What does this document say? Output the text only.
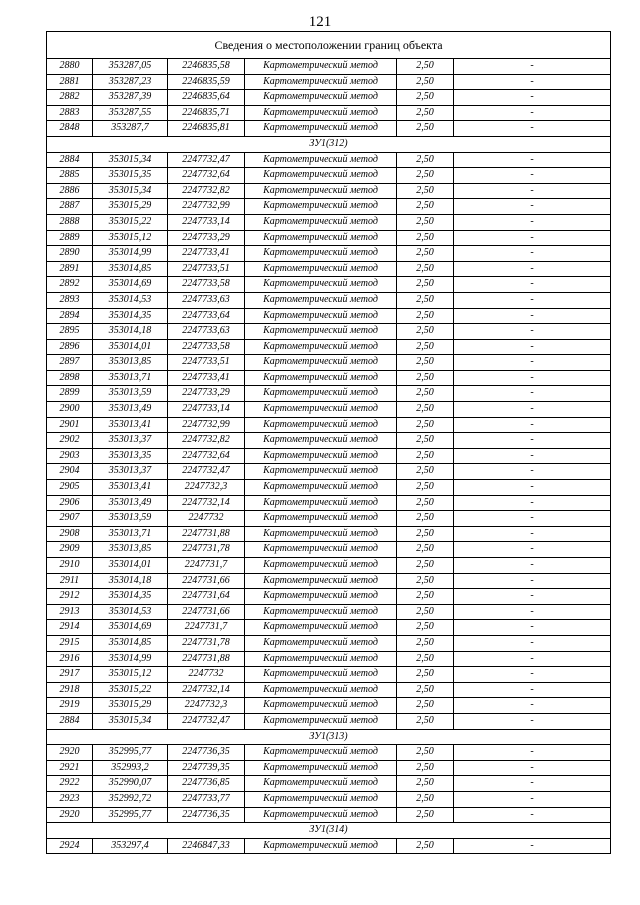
121
Сведения о местоположении границ объекта					
2880	353287,05	2246835,58	Картометрический метод	2,50	-
2881	353287,23	2246835,59	Картометрический метод	2,50	-
2882	353287,39	2246835,64	Картометрический метод	2,50	-
2883	353287,55	2246835,71	Картометрический метод	2,50	-
2848	353287,7	2246835,81	Картометрический метод	2,50	-
ЗУ1(312)					
2884	353015,34	2247732,47	Картометрический метод	2,50	-
2885	353015,35	2247732,64	Картометрический метод	2,50	-
2886	353015,34	2247732,82	Картометрический метод	2,50	-
2887	353015,29	2247732,99	Картометрический метод	2,50	-
2888	353015,22	2247733,14	Картометрический метод	2,50	-
2889	353015,12	2247733,29	Картометрический метод	2,50	-
2890	353014,99	2247733,41	Картометрический метод	2,50	-
2891	353014,85	2247733,51	Картометрический метод	2,50	-
2892	353014,69	2247733,58	Картометрический метод	2,50	-
2893	353014,53	2247733,63	Картометрический метод	2,50	-
2894	353014,35	2247733,64	Картометрический метод	2,50	-
2895	353014,18	2247733,63	Картометрический метод	2,50	-
2896	353014,01	2247733,58	Картометрический метод	2,50	-
2897	353013,85	2247733,51	Картометрический метод	2,50	-
2898	353013,71	2247733,41	Картометрический метод	2,50	-
2899	353013,59	2247733,29	Картометрический метод	2,50	-
2900	353013,49	2247733,14	Картометрический метод	2,50	-
2901	353013,41	2247732,99	Картометрический метод	2,50	-
2902	353013,37	2247732,82	Картометрический метод	2,50	-
2903	353013,35	2247732,64	Картометрический метод	2,50	-
2904	353013,37	2247732,47	Картометрический метод	2,50	-
2905	353013,41	2247732,3	Картометрический метод	2,50	-
2906	353013,49	2247732,14	Картометрический метод	2,50	-
2907	353013,59	2247732	Картометрический метод	2,50	-
2908	353013,71	2247731,88	Картометрический метод	2,50	-
2909	353013,85	2247731,78	Картометрический метод	2,50	-
2910	353014,01	2247731,7	Картометрический метод	2,50	-
2911	353014,18	2247731,66	Картометрический метод	2,50	-
2912	353014,35	2247731,64	Картометрический метод	2,50	-
2913	353014,53	2247731,66	Картометрический метод	2,50	-
2914	353014,69	2247731,7	Картометрический метод	2,50	-
2915	353014,85	2247731,78	Картометрический метод	2,50	-
2916	353014,99	2247731,88	Картометрический метод	2,50	-
2917	353015,12	2247732	Картометрический метод	2,50	-
2918	353015,22	2247732,14	Картометрический метод	2,50	-
2919	353015,29	2247732,3	Картометрический метод	2,50	-
2884	353015,34	2247732,47	Картометрический метод	2,50	-
ЗУ1(313)					
2920	352995,77	2247736,35	Картометрический метод	2,50	-
2921	352993,2	2247739,35	Картометрический метод	2,50	-
2922	352990,07	2247736,85	Картометрический метод	2,50	-
2923	352992,72	2247733,77	Картометрический метод	2,50	-
2920	352995,77	2247736,35	Картометрический метод	2,50	-
ЗУ1(314)					
2924	353297,4	2246847,33	Картометрический метод	2,50	-
